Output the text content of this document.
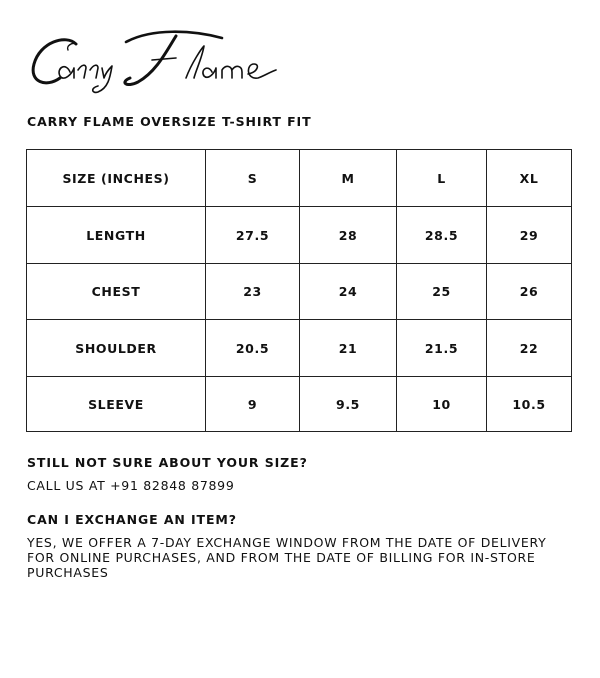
Carry Flame
CARRY FLAME OVERSIZE T-SHIRT FIT
SIZE (INCHES)	S	M	L	XL
LENGTH	27.5	28	28.5	29
CHEST	23	24	25	26
SHOULDER	20.5	21	21.5	22
SLEEVE	9	9.5	10	10.5
STILL NOT SURE ABOUT YOUR SIZE?
CALL US AT +91 82848 87899
CAN I EXCHANGE AN ITEM?
YES, WE OFFER A 7-DAY EXCHANGE WINDOW FROM THE DATE OF DELIVERY FOR ONLINE PURCHASES, AND FROM THE DATE OF BILLING FOR IN-STORE PURCHASES
